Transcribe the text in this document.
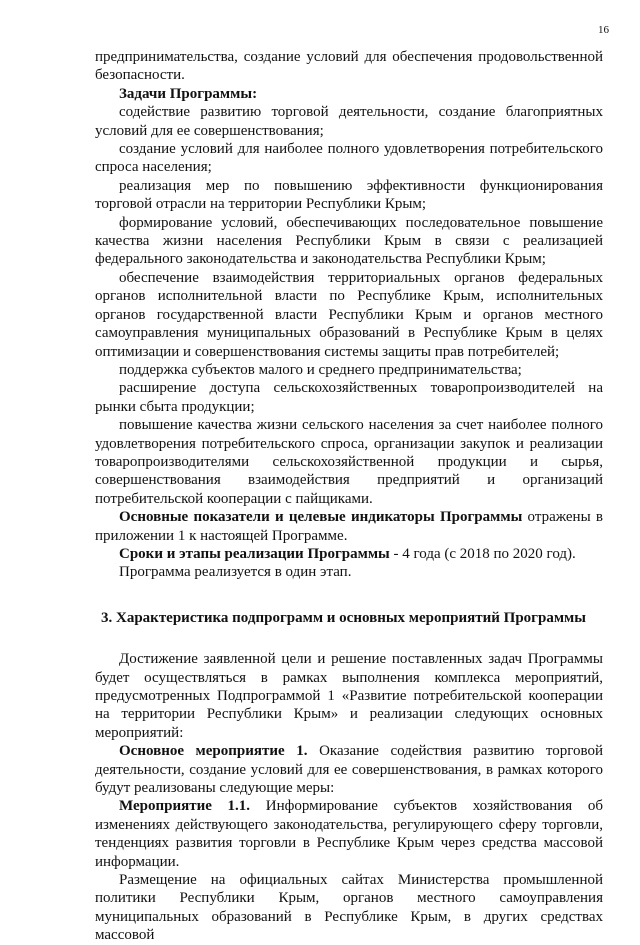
16

предпринимательства, создание условий для обеспечения продовольственной безопасности.

Задачи Программы:

содействие развитию торговой деятельности, создание благоприятных условий для ее совершенствования;

создание условий для наиболее полного удовлетворения потребительского спроса населения;

реализация мер по повышению эффективности функционирования торговой отрасли на территории Республики Крым;

формирование условий, обеспечивающих последовательное повышение качества жизни населения Республики Крым в связи с реализацией федерального законодательства и законодательства Республики Крым;

обеспечение взаимодействия территориальных органов федеральных органов исполнительной власти по Республике Крым, исполнительных органов государственной власти Республики Крым и органов местного самоуправления муниципальных образований в Республике Крым в целях оптимизации и совершенствования системы защиты прав потребителей;

поддержка субъектов малого и среднего предпринимательства;

расширение доступа сельскохозяйственных товаропроизводителей на рынки сбыта продукции;

повышение качества жизни сельского населения за счет наиболее полного удовлетворения потребительского спроса, организации закупок и реализации товаропроизводителями сельскохозяйственной продукции и сырья, совершенствования взаимодействия предприятий и организаций потребительской кооперации с пайщиками.

Основные показатели и целевые индикаторы Программы отражены в приложении 1 к настоящей Программе.

Сроки и этапы реализации Программы - 4 года (с 2018 по 2020 год).

Программа реализуется в один этап.

3. Характеристика подпрограмм и основных мероприятий Программы

Достижение заявленной цели и решение поставленных задач Программы будет осуществляться в рамках выполнения комплекса мероприятий, предусмотренных Подпрограммой 1 «Развитие потребительской кооперации на территории Республики Крым» и реализации следующих основных мероприятий:

Основное мероприятие 1. Оказание содействия развитию торговой деятельности, создание условий для ее совершенствования, в рамках которого будут реализованы следующие меры:

Мероприятие 1.1. Информирование субъектов хозяйствования об изменениях действующего законодательства, регулирующего сферу торговли, тенденциях развития торговли в Республике Крым через средства массовой информации.

Размещение на официальных сайтах Министерства промышленной политики Республики Крым, органов местного самоуправления муниципальных образований в Республике Крым, в других средствах массовой
